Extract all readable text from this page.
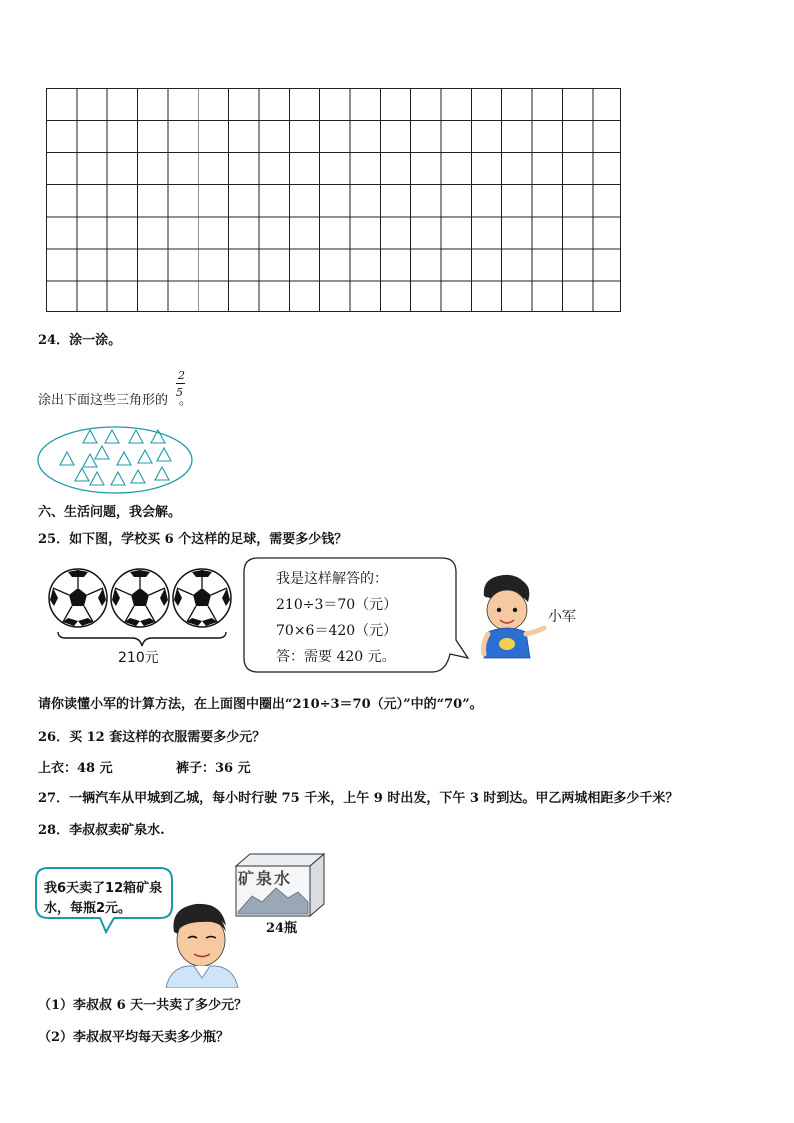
24．涂一涂。
2
5
涂出下面这些三角形的 。
六、生活问题，我会解。
25．如下图，学校买 6 个这样的足球，需要多少钱？
210元
我是这样解答的：
210÷3＝70（元）
70×6＝420（元）
答：需要 420 元。
小军
请你读懂小军的计算方法，在上面图中圈出“210÷3＝70（元）”中的“70”。
26．买 12 套这样的衣服需要多少元？
上衣：48 元	裤子：36 元
27．一辆汽车从甲城到乙城，每小时行驶 75 千米，上午 9 时出发，下午 3 时到达。甲乙两城相距多少千米？
28．李叔叔卖矿泉水.
我6天卖了12箱矿泉
水，每瓶2元。
矿泉水
24瓶
（1）李叔叔 6 天一共卖了多少元？
（2）李叔叔平均每天卖多少瓶？
